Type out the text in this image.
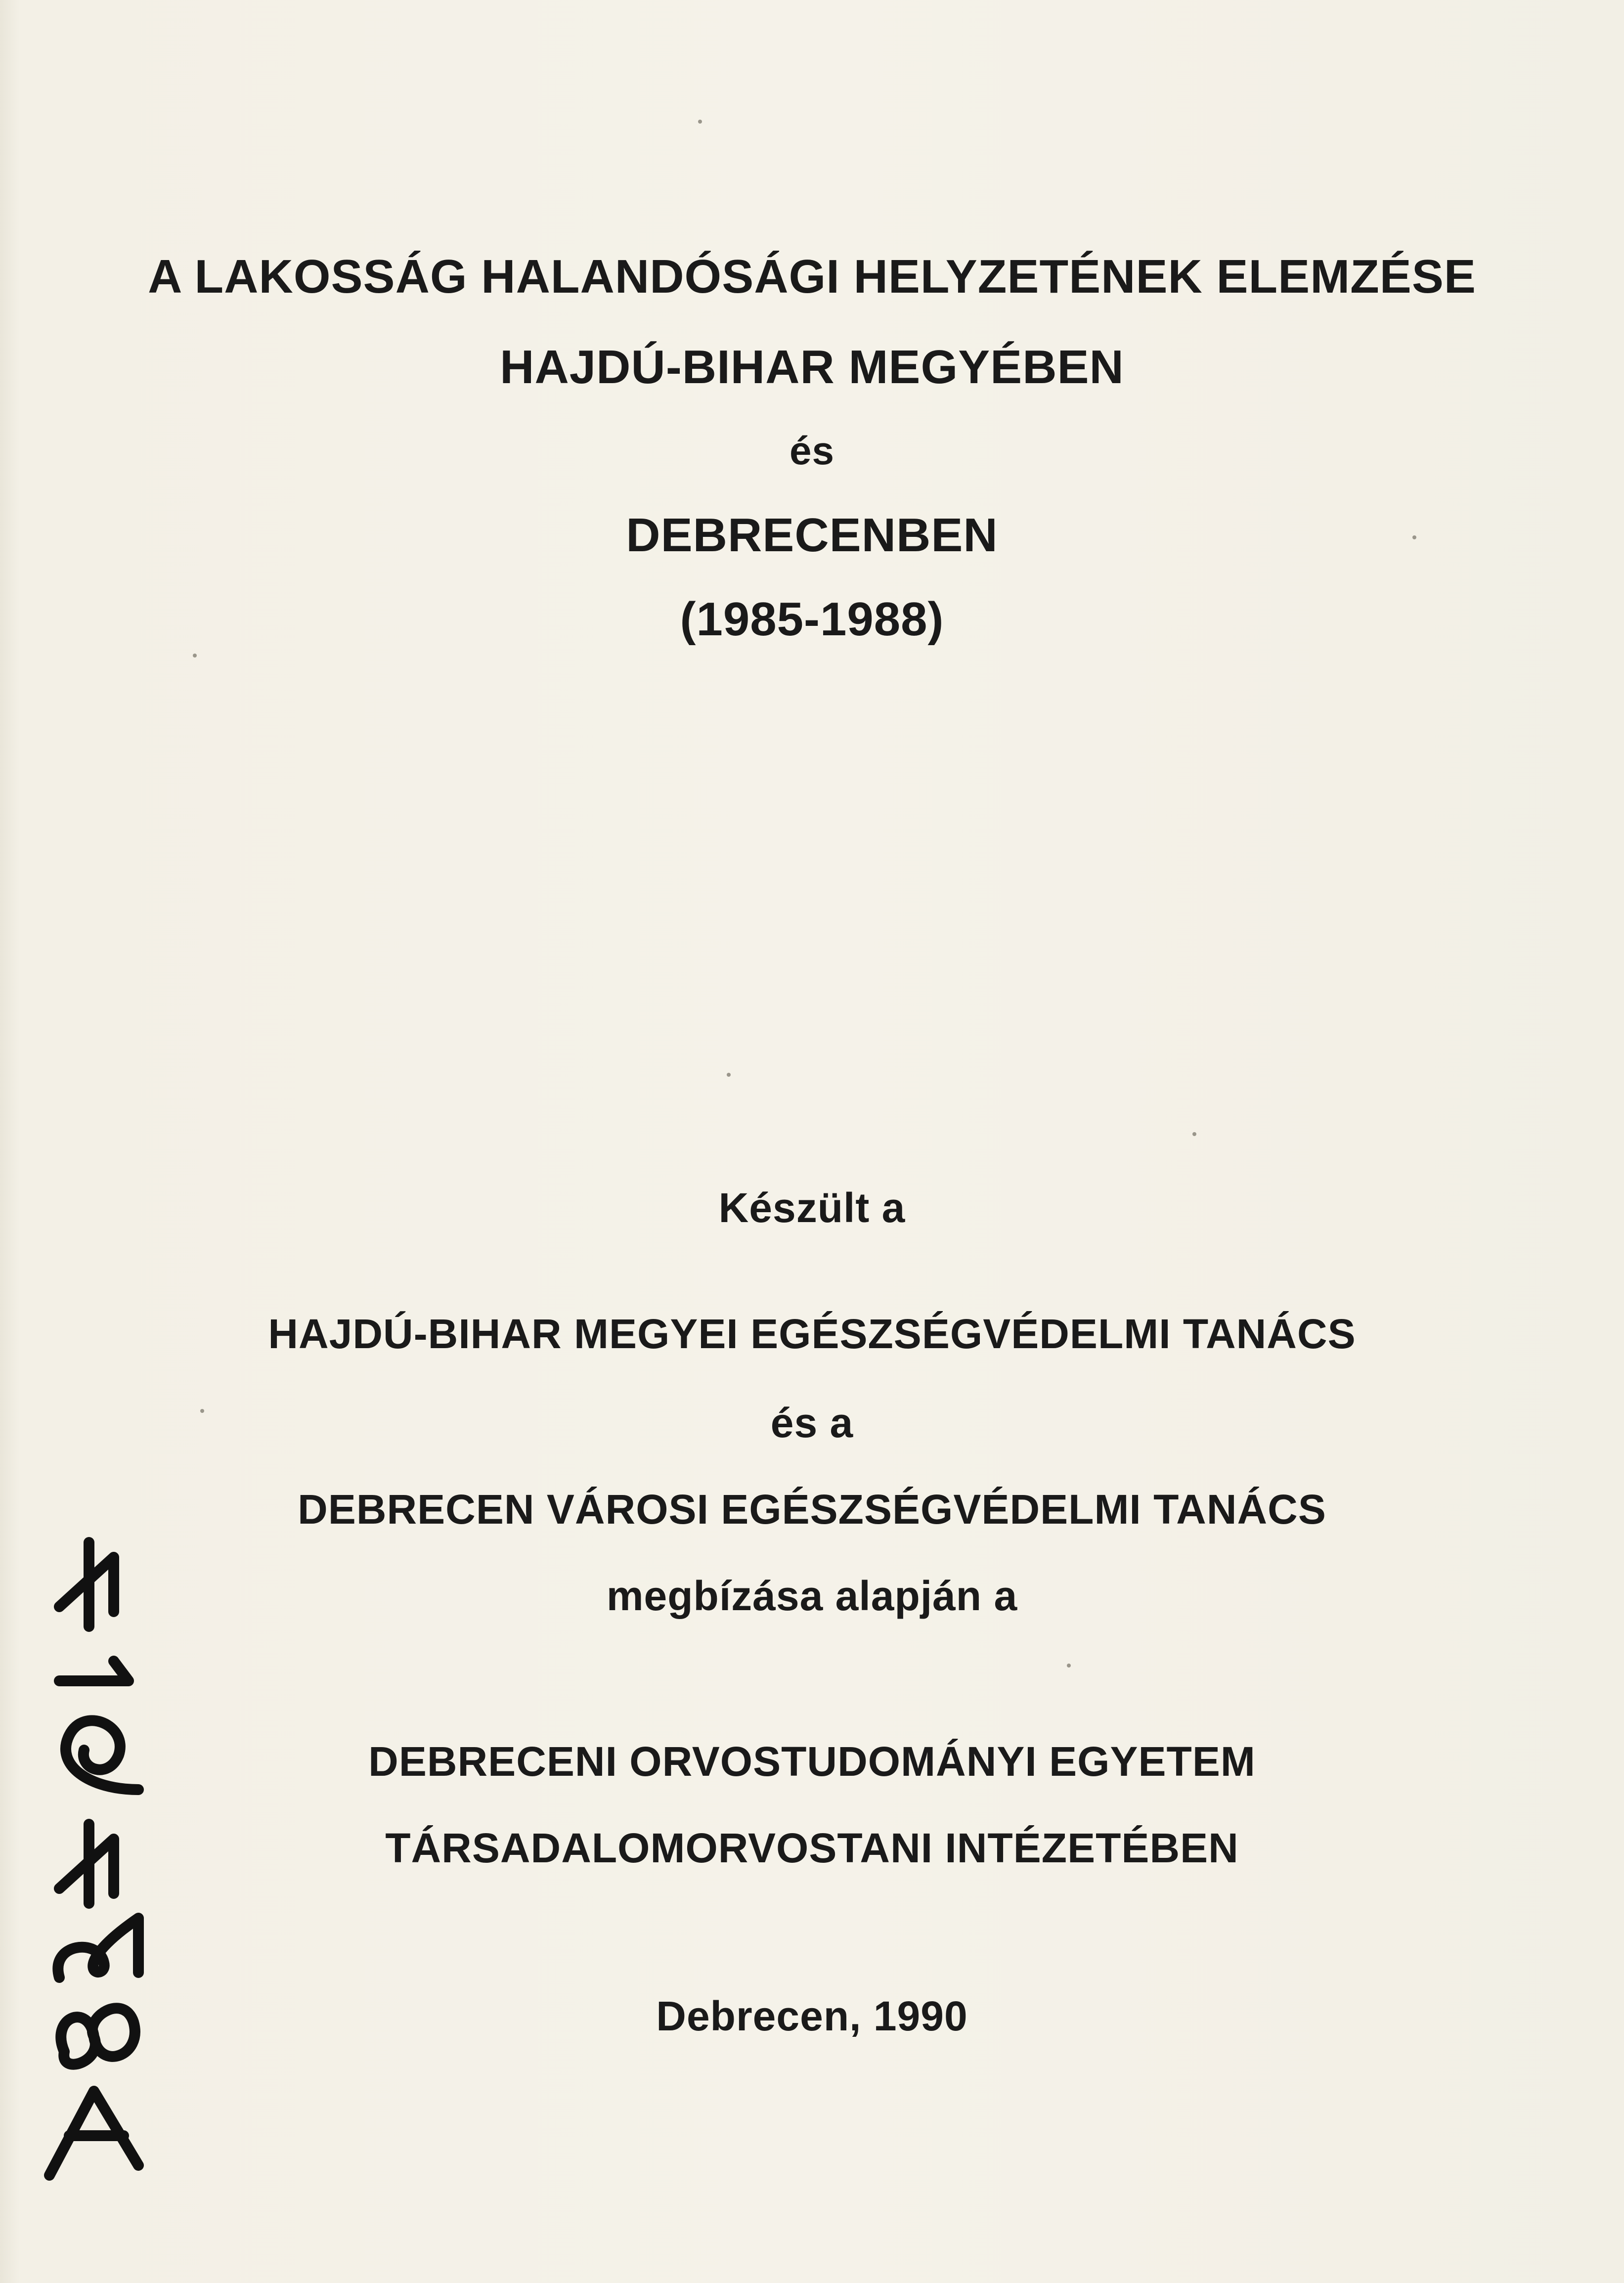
A LAKOSSÁG HALANDÓSÁGI HELYZETÉNEK ELEMZÉSE
HAJDÚ-BIHAR MEGYÉBEN
és
DEBRECENBEN
(1985-1988)
Készült a
HAJDÚ-BIHAR MEGYEI EGÉSZSÉGVÉDELMI TANÁCS
és a
DEBRECEN VÁROSI EGÉSZSÉGVÉDELMI TANÁCS
megbízása alapján a
DEBRECENI ORVOSTUDOMÁNYI EGYETEM
TÁRSADALOMORVOSTANI INTÉZETÉBEN
Debrecen, 1990
